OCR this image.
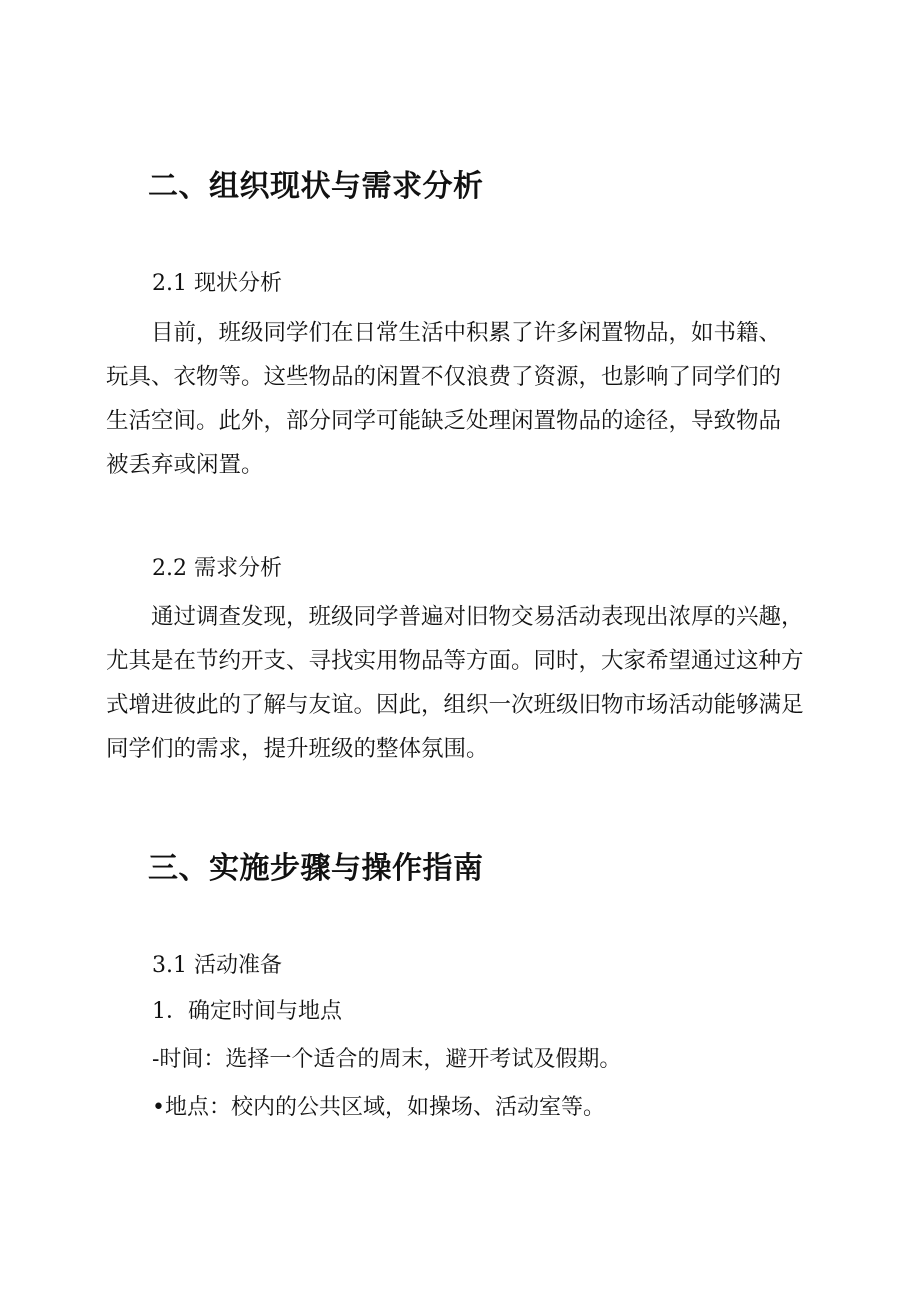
二、组织现状与需求分析
2.1 现状分析
　　目前，班级同学们在日常生活中积累了许多闲置物品，如书籍、
玩具、衣物等。这些物品的闲置不仅浪费了资源，也影响了同学们的
生活空间。此外，部分同学可能缺乏处理闲置物品的途径，导致物品
被丢弃或闲置。
2.2 需求分析
　　通过调查发现，班级同学普遍对旧物交易活动表现出浓厚的兴趣，
尤其是在节约开支、寻找实用物品等方面。同时，大家希望通过这种方
式增进彼此的了解与友谊。因此，组织一次班级旧物市场活动能够满足
同学们的需求，提升班级的整体氛围。
三、实施步骤与操作指南
3.1 活动准备
1．确定时间与地点
-时间：选择一个适合的周末，避开考试及假期。
•地点：校内的公共区域，如操场、活动室等。
